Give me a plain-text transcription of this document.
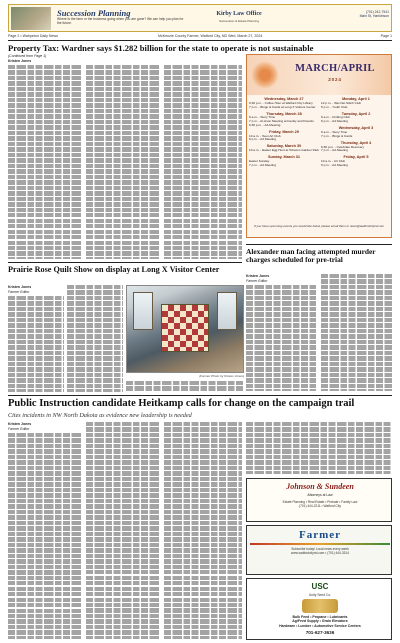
Succession Planning
Where is the farm or the business going when you are gone? We can help you plan for the future.
Kirby Law Office
Succession & Estate Planning
(701) 242-7541
Main St, Hankinson
Page 2 • Wahpeton Daily News	McKenzie County Farmer, Watford City, ND Wed. March 27, 2024	Page 1
Property Tax: Wardner says $1.282 billion for the state to operate is not sustainable
(Continued from Page 1)
Kristen Jones
MARCH/APRIL
2024
Wednesday, March 27
6:30 p.m. - Coffee Hour at Watford City Library
7 p.m. - Bingo & Cards at Long X Visitors Center
Thursday, March 28
9 a.m. - Story Time
7 p.m. - Al-Anon Meeting at Family and Friends
6:30 p.m. - AA Meeting
Friday, March 29
10 a.m. - Teen Art Club
6 p.m. - AA Meeting
Saturday, March 30
10 a.m. - Easter Egg Hunt at Tobacco Garden Park
Sunday, March 31
Easter Sunday
7 p.m. - AA Meeting
Monday, April 1
12 p.m. - Wet Net Stitch Club
5 p.m. - Youth Club
Tuesday, April 2
9 a.m. - Knitting Club
6 p.m. - AA Meeting
Wednesday, April 3
9 a.m. - Story Time
7 p.m. - Bingo & Cards
Thursday, April 4
6:30 p.m. - Celebrate Recovery
7 p.m. - AA Meeting
Friday, April 5
10 a.m. - Art Club
6 p.m. - AA Meeting
If you have upcoming events you would like listed, please email them to news@watfordcitynd.com
Prairie Rose Quilt Show on display at Long X Visitor Center
Kristen Jones
Farmer Editor
(Farmer Photo by Kristen Jones)
Alexander man facing attempted murder charges scheduled for pre-trial
Kristen Jones
Farmer Editor
Public Instruction candidate Heitkamp calls for change on the campaign trail
Cites incidents in NW North Dakota as evidence new leadership is needed
Kristen Jones
Farmer Editor
Johnson & Sundeen
Attorneys at Law
Estate Planning • Real Estate • Probate • Family Law
(701) 444-2211 • Watford City
Farmer
Subscribe today! Local news every week
www.watfordcitynd.com • (701) 444-3314
USC
Unity Seed Co.
Bulk Feed • Propane • Lubricants
Ag/Feed Supply • Grain Elevators
Hardware • Lumber • Automotive Service Centers
701-627-3636
